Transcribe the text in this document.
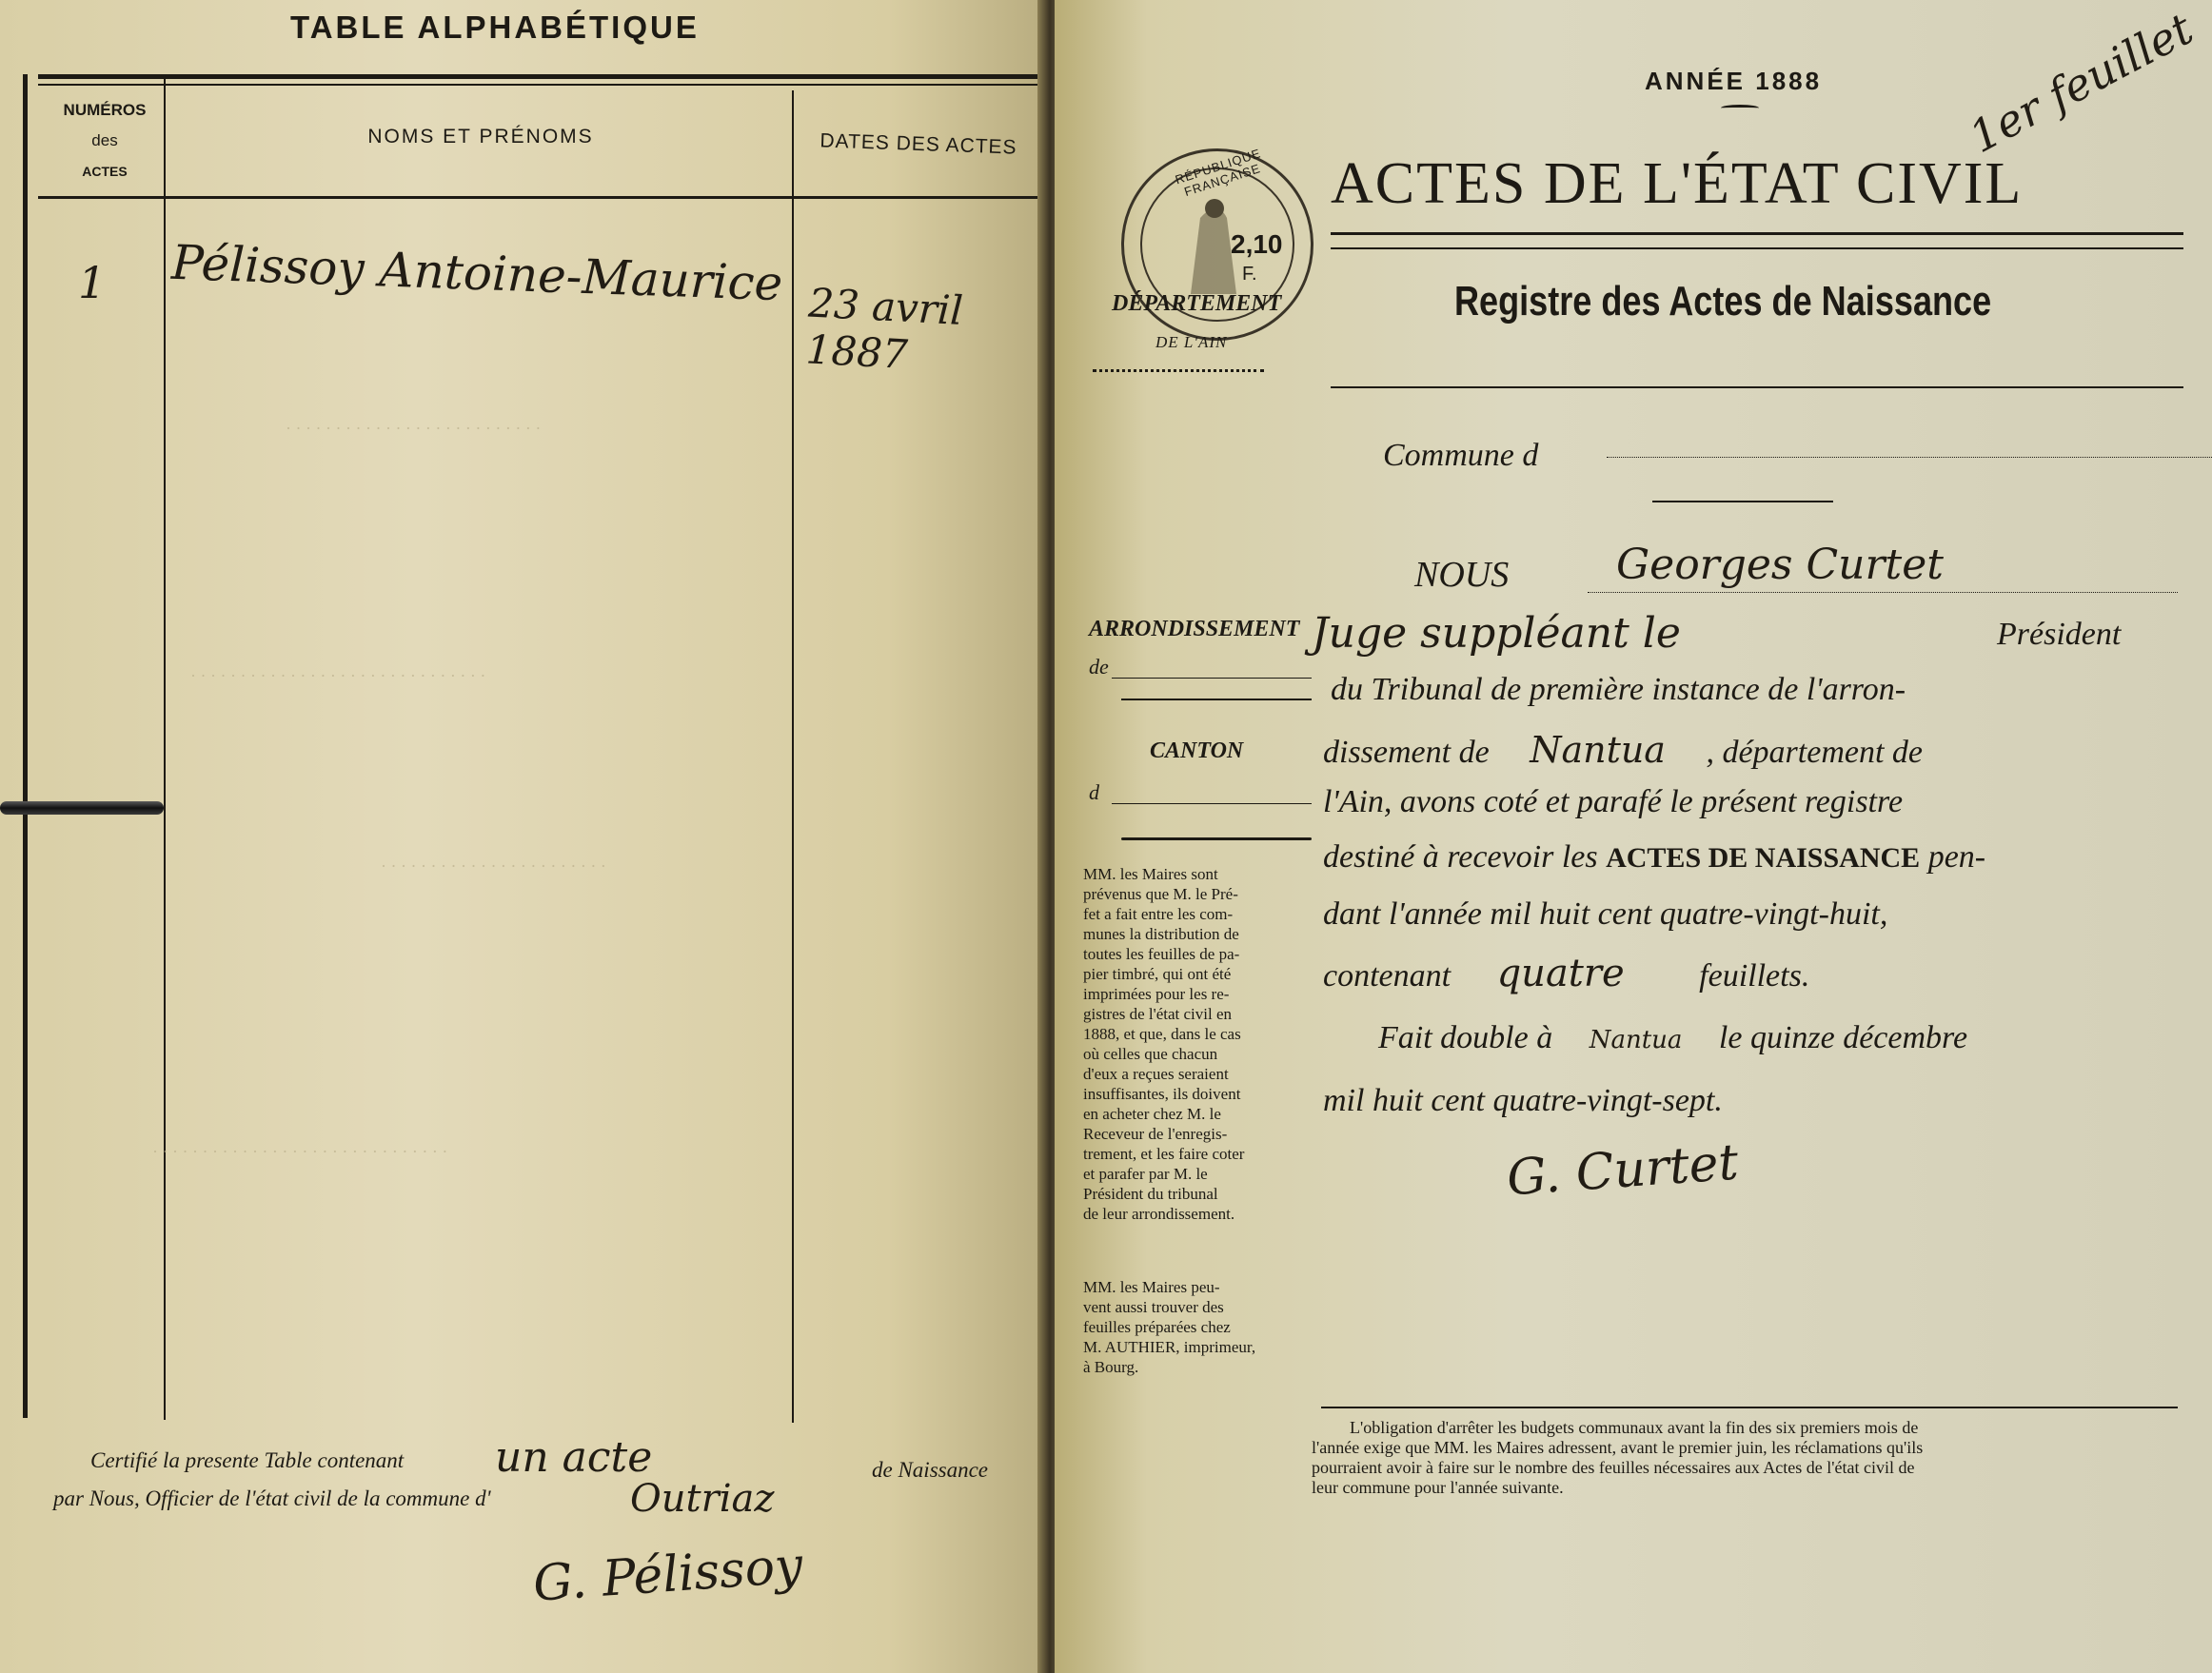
TABLE ALPHABÉTIQUE
NUMÉROS
des
ACTES
NOMS ET PRÉNOMS	DATES DES ACTES
1 Pélissoy Antoine-Maurice 23 avril 1887
· · · · · · · · · · · · · · · · · · · · · · · · · ·
· · · · · · · · · · · · · · · · · · · · · · · · · · · · · ·
· · · · · · · · · · · · · · · · · · · · · · ·
· · · · · · · · · · · · · · · · · · · · · · · · · · · · · ·
Certifié la presente Table contenant un acte	de Naissance
par Nous, Officier de l'état civil de la commune d'	Outriaz
G. Pélissoy
ANNÉE 1888	1er feuillet
ACTES DE L'ÉTAT CIVIL
Registre des Actes de Naissance
2,10
F.
RÉPUBLIQUE FRANÇAISE
DÉPARTEMENT
DE L'AIN
Commune d
ARRONDISSEMENT
de
CANTON
d
MM. les Maires sont
prévenus que M. le Pré-
fet a fait entre les com-
munes la distribution de
toutes les feuilles de pa-
pier timbré, qui ont été
imprimées pour les re-
gistres de l'état civil en
1888, et que, dans le cas
où celles que chacun
d'eux a reçues seraient
insuffisantes, ils doivent
en acheter chez M. le
Receveur de l'enregis-
trement, et les faire coter
et parafer par M. le
Président du tribunal
de leur arrondissement.
MM. les Maires peu-
vent aussi trouver des
feuilles préparées chez
M. AUTHIER, imprimeur,
à Bourg.
NOUS	Georges Curtet
Juge suppléant le	Président
du Tribunal de première instance de l'arron-
dissement de Nantua , département de
l'Ain, avons coté et parafé le présent registre
destiné à recevoir les ACTES DE NAISSANCE pen-
dant l'année mil huit cent quatre-vingt-huit,
contenant quatre feuillets.
Fait double à Nantua le quinze décembre
mil huit cent quatre-vingt-sept.
G. Curtet
L'obligation d'arrêter les budgets communaux avant la fin des six premiers mois de
l'année exige que MM. les Maires adressent, avant le premier juin, les réclamations qu'ils
pourraient avoir à faire sur le nombre des feuilles nécessaires aux Actes de l'état civil de
leur commune pour l'année suivante.
